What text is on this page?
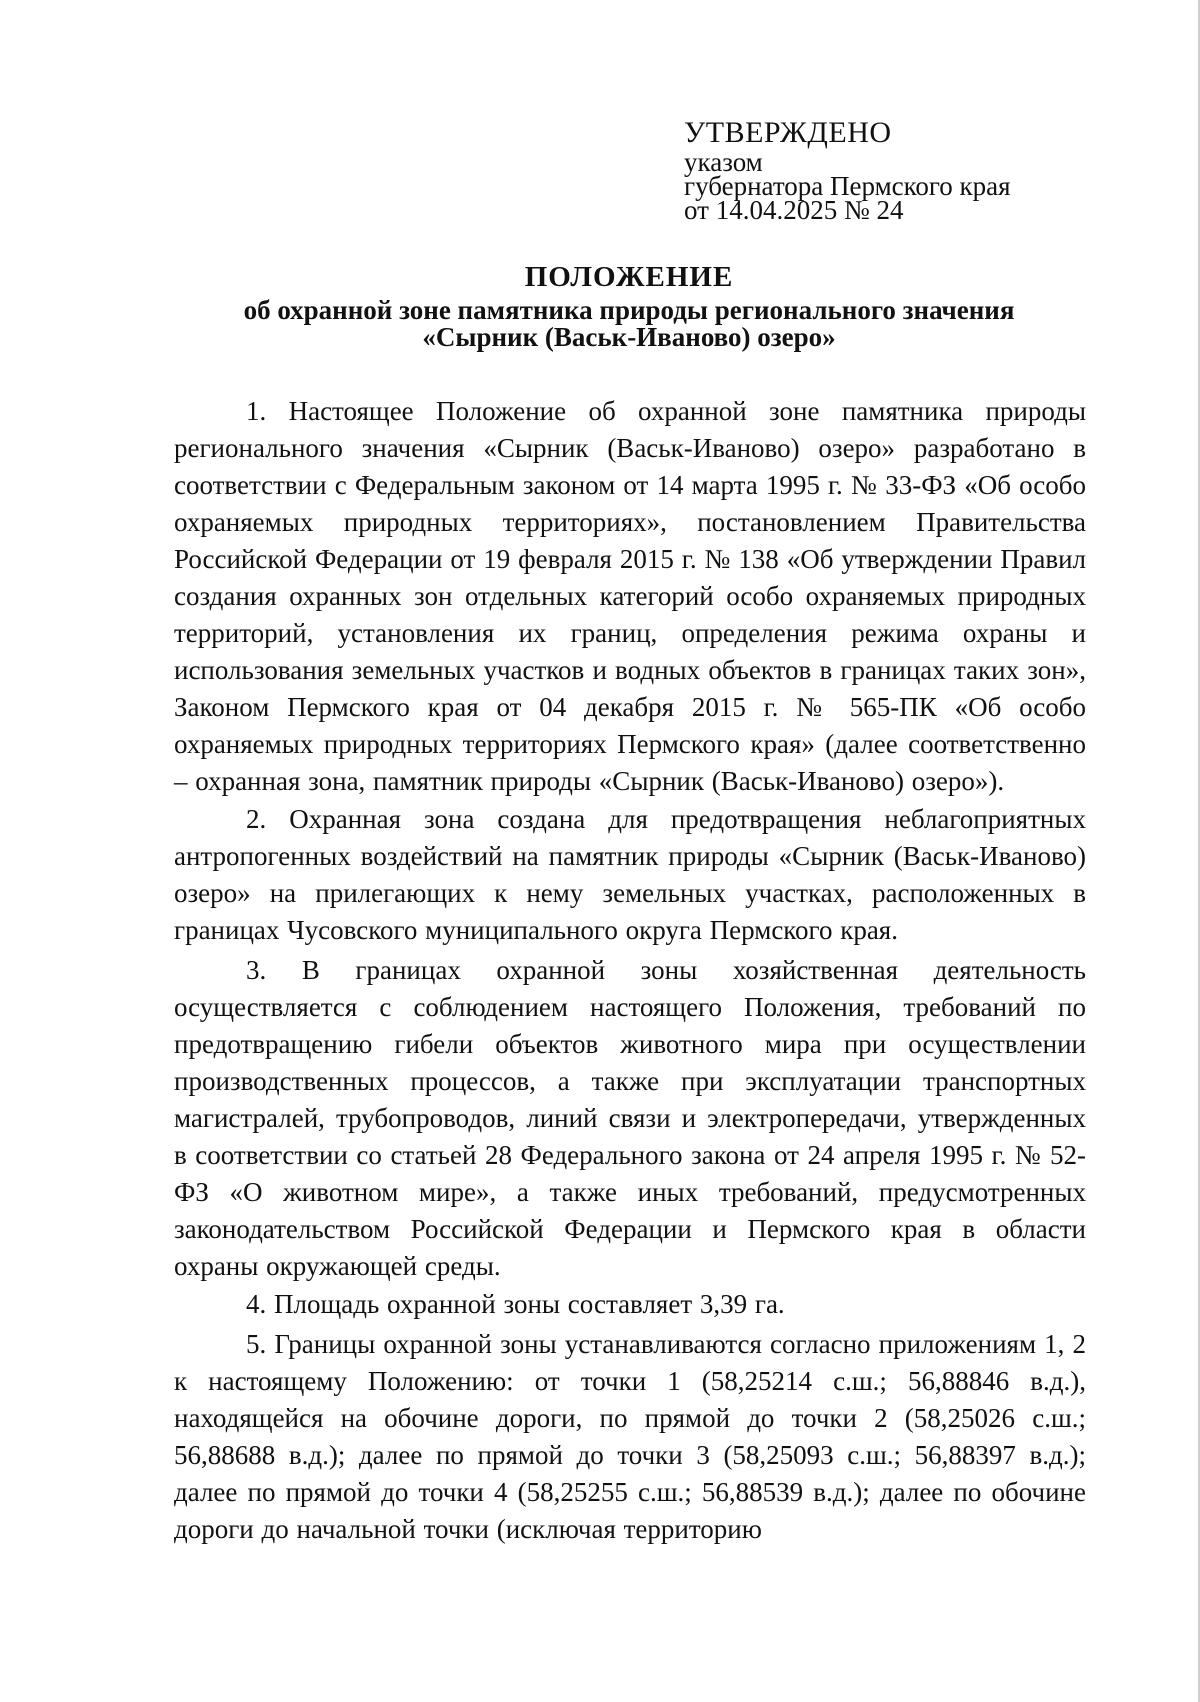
УТВЕРЖДЕНО
указом
губернатора Пермского края
от 14.04.2025 № 24
ПОЛОЖЕНИЕ
об охранной зоне памятника природы регионального значения
«Сырник (Васьк-Иваново) озеро»

1. Настоящее Положение об охранной зоне памятника природы регионального значения «Сырник (Васьк-Иваново) озеро» разработано в соответствии с Федеральным законом от 14 марта 1995 г. № 33-ФЗ «Об особо охраняемых природных территориях», постановлением Правительства Российской Федерации от 19 февраля 2015 г. № 138 «Об утверждении Правил создания охранных зон отдельных категорий особо охраняемых природных территорий, установления их границ, определения режима охраны и использования земельных участков и водных объектов в границах таких зон», Законом Пермского края от 04 декабря 2015 г. № 565-ПК «Об особо охраняемых природных территориях Пермского края» (далее соответственно – охранная зона, памятник природы «Сырник (Васьк-Иваново) озеро»).

2. Охранная зона создана для предотвращения неблагоприятных антропогенных воздействий на памятник природы «Сырник (Васьк-Иваново) озеро» на прилегающих к нему земельных участках, расположенных в границах Чусовского муниципального округа Пермского края.

3. В границах охранной зоны хозяйственная деятельность осуществляется с соблюдением настоящего Положения, требований по предотвращению гибели объектов животного мира при осуществлении производственных процессов, а также при эксплуатации транспортных магистралей, трубопроводов, линий связи и электропередачи, утвержденных в соответствии со статьей 28 Федерального закона от 24 апреля 1995 г. № 52-ФЗ «О животном мире», а также иных требований, предусмотренных законодательством Российской Федерации и Пермского края в области охраны окружающей среды.

4. Площадь охранной зоны составляет 3,39 га.

5. Границы охранной зоны устанавливаются согласно приложениям 1, 2 к настоящему Положению: от точки 1 (58,25214 с.ш.; 56,88846 в.д.), находящейся на обочине дороги, по прямой до точки 2 (58,25026 с.ш.; 56,88688 в.д.); далее по прямой до точки 3 (58,25093 с.ш.; 56,88397 в.д.); далее по прямой до точки 4 (58,25255 с.ш.; 56,88539 в.д.); далее по обочине дороги до начальной точки (исключая территорию
